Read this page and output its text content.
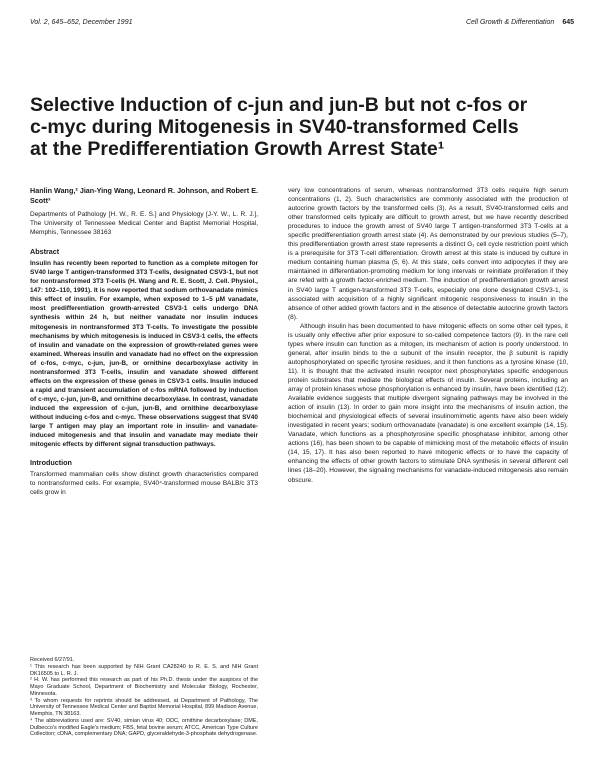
Vol. 2, 645–652, December 1991	Cell Growth & Differentiation 645
Selective Induction of c-jun and jun-B but not c-fos or c-myc during Mitogenesis in SV40-transformed Cells at the Predifferentiation Growth Arrest State¹

Hanlin Wang,² Jian-Ying Wang, Leonard R. Johnson, and Robert E. Scott³

Departments of Pathology [H. W., R. E. S.] and Physiology [J-Y. W., L. R. J.], The University of Tennessee Medical Center and Baptist Memorial Hospital, Memphis, Tennessee 38163

Abstract

Insulin has recently been reported to function as a complete mitogen for SV40 large T antigen-transformed 3T3 T-cells, designated CSV3-1, but not for nontransformed 3T3 T-cells (H. Wang and R. E. Scott, J. Cell. Physiol., 147: 102–110, 1991). It is now reported that sodium orthovanadate mimics this effect of insulin. For example, when exposed to 1–5 μM vanadate, most predifferentiation growth-arrested CSV3-1 cells undergo DNA synthesis within 24 h, but neither vanadate nor insulin induces mitogenesis in nontransformed 3T3 T-cells. To investigate the possible mechanisms by which mitogenesis is induced in CSV3-1 cells, the effects of insulin and vanadate on the expression of growth-related genes were examined. Whereas insulin and vanadate had no effect on the expression of c-fos, c-myc, c-jun, jun-B, or ornithine decarboxylase activity in nontransformed 3T3 T-cells, insulin and vanadate showed different effects on the expression of these genes in CSV3-1 cells. Insulin induced a rapid and transient accumulation of c-fos mRNA followed by induction of c-myc, c-jun, jun-B, and ornithine decarboxylase. In contrast, vanadate induced the expression of c-jun, jun-B, and ornithine decarboxylase without inducing c-fos and c-myc. These observations suggest that SV40 large T antigen may play an important role in insulin- and vanadate-induced mitogenesis and that insulin and vanadate may mediate their mitogenic effects by different signal transduction pathways.

Introduction

Transformed mammalian cells show distinct growth characteristics compared to nontransformed cells. For example, SV40⁴-transformed mouse BALB/c 3T3 cells grow in

Received 6/27/91.

¹ This research has been supported by NIH Grant CA28240 to R. E. S. and NIH Grant DK16505 to L. R. J.

² H. W. has performed this research as part of his Ph.D. thesis under the auspices of the Mayo Graduate School, Department of Biochemistry and Molecular Biology, Rochester, Minnesota.

³ To whom requests for reprints should be addressed, at Department of Pathology, The University of Tennessee Medical Center and Baptist Memorial Hospital, 899 Madison Avenue, Memphis, TN 38163.

⁴ The abbreviations used are: SV40, simian virus 40; ODC, ornithine decarboxylase; DME, Dulbecco's modified Eagle's medium; FBS, fetal bovine serum; ATCC, American Type Culture Collection; cDNA, complementary DNA; GAPD, glyceraldehyde-3-phosphate dehydrogenase.

very low concentrations of serum, whereas nontransformed 3T3 cells require high serum concentrations (1, 2). Such characteristics are commonly associated with the production of autocrine growth factors by the transformed cells (3). As a result, SV40-transformed cells and other transformed cells typically are difficult to growth arrest, but we have recently described procedures to induce the growth arrest of SV40 large T antigen-transformed 3T3 T-cells at a specific predifferentiation growth arrest state (4). As demonstrated by our previous studies (5–7), this predifferentiation growth arrest state represents a distinct G₁ cell cycle restriction point which is a prerequisite for 3T3 T-cell differentiation. Growth arrest at this state is induced by culture in medium containing human plasma (5, 6). At this state, cells convert into adipocytes if they are maintained in differentiation-promoting medium for long intervals or reinitiate proliferation if they are refed with a growth factor-enriched medium. The induction of predifferentiation growth arrest in SV40 large T antigen-transformed 3T3 T-cells, especially one clone designated CSV3-1, is associated with acquisition of a highly significant mitogenic responsiveness to insulin in the absence of other added growth factors and in the absence of detectable autocrine growth factors (8).

Although insulin has been documented to have mitogenic effects on some other cell types, it is usually only effective after prior exposure to so-called competence factors (9). In the rare cell types where insulin can function as a mitogen, its mechanism of action is poorly understood. In general, after insulin binds to the α subunit of the insulin receptor, the β subunit is rapidly autophosphorylated on specific tyrosine residues, and it then functions as a tyrosine kinase (10, 11). It is thought that the activated insulin receptor next phosphorylates specific endogenous protein substrates that mediate the biological effects of insulin. Several proteins, including an array of protein kinases whose phosphorylation is enhanced by insulin, have been identified (12). Available evidence suggests that multiple divergent signaling pathways may be involved in the action of insulin (13). In order to gain more insight into the mechanisms of insulin action, the biochemical and physiological effects of several insulinomimetic agents have also been widely investigated in recent years; sodium orthovanadate (vanadate) is one excellent example (14, 15). Vanadate, which functions as a phosphotyrosine specific phosphatase inhibitor, among other actions (16), has been shown to be capable of mimicking most of the metabolic effects of insulin (14, 15, 17). It has also been reported to have mitogenic effects or to have the capacity of enhancing the effects of other growth factors to stimulate DNA synthesis in several different cell lines (18–20). However, the signaling mechanisms for vanadate-induced mitogenesis also remain obscure.
